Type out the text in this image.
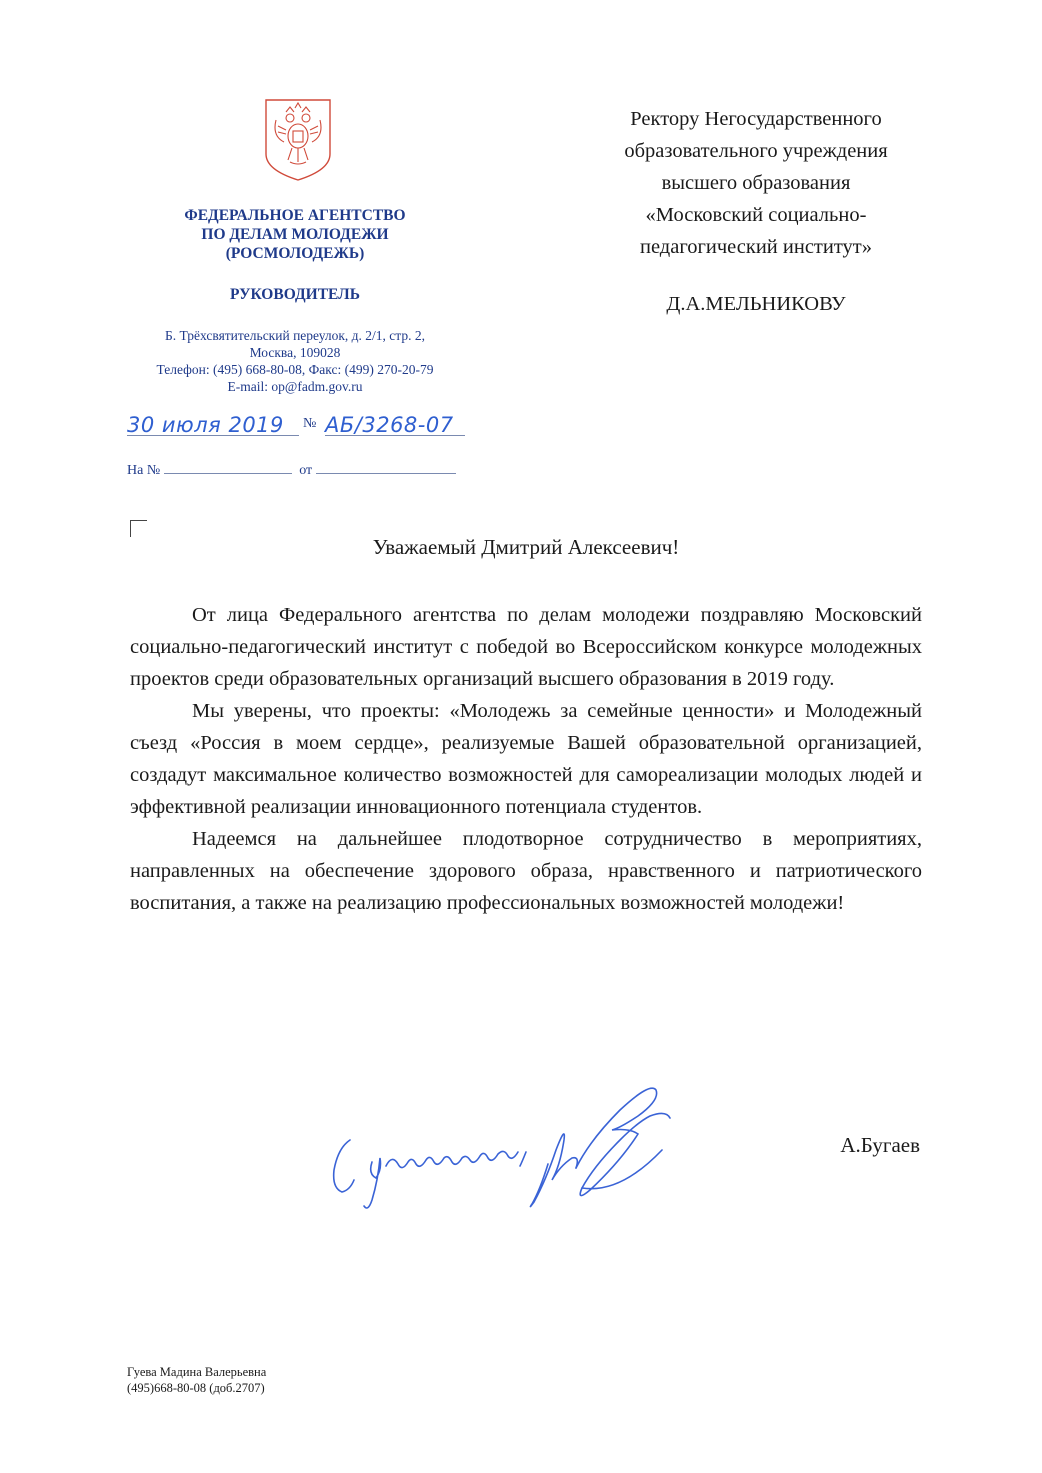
ФЕДЕРАЛЬНОЕ АГЕНТСТВО
ПО ДЕЛАМ МОЛОДЕЖИ
(РОСМОЛОДЕЖЬ)
РУКОВОДИТЕЛЬ
Б. Трёхсвятительский переулок, д. 2/1, стр. 2,
Москва, 109028
Телефон: (495) 668-80-08, Факс: (499) 270-20-79
E-mail: op@fadm.gov.ru
30 июля 2019	№ АБ/3268-07
На №	от
Ректору Негосударственного
образовательного учреждения
высшего образования
«Московский социально-
педагогический институт»
Д.А.МЕЛЬНИКОВУ
Уважаемый Дмитрий Алексеевич!

От лица Федерального агентства по делам молодежи поздравляю Московский социально-педагогический институт с победой во Всероссийском конкурсе молодежных проектов среди образовательных организаций высшего образования в 2019 году.

Мы уверены, что проекты: «Молодежь за семейные ценности» и Молодежный съезд «Россия в моем сердце», реализуемые Вашей образовательной организацией, создадут максимальное количество возможностей для самореализации молодых людей и эффективной реализации инновационного потенциала студентов.

Надеемся на дальнейшее плодотворное сотрудничество в мероприятиях, направленных на обеспечение здорового образа, нравственного и патриотического воспитания, а также на реализацию профессиональных возможностей молодежи!

А.Бугаев
Гуева Мадина Валерьевна
(495)668-80-08 (доб.2707)
